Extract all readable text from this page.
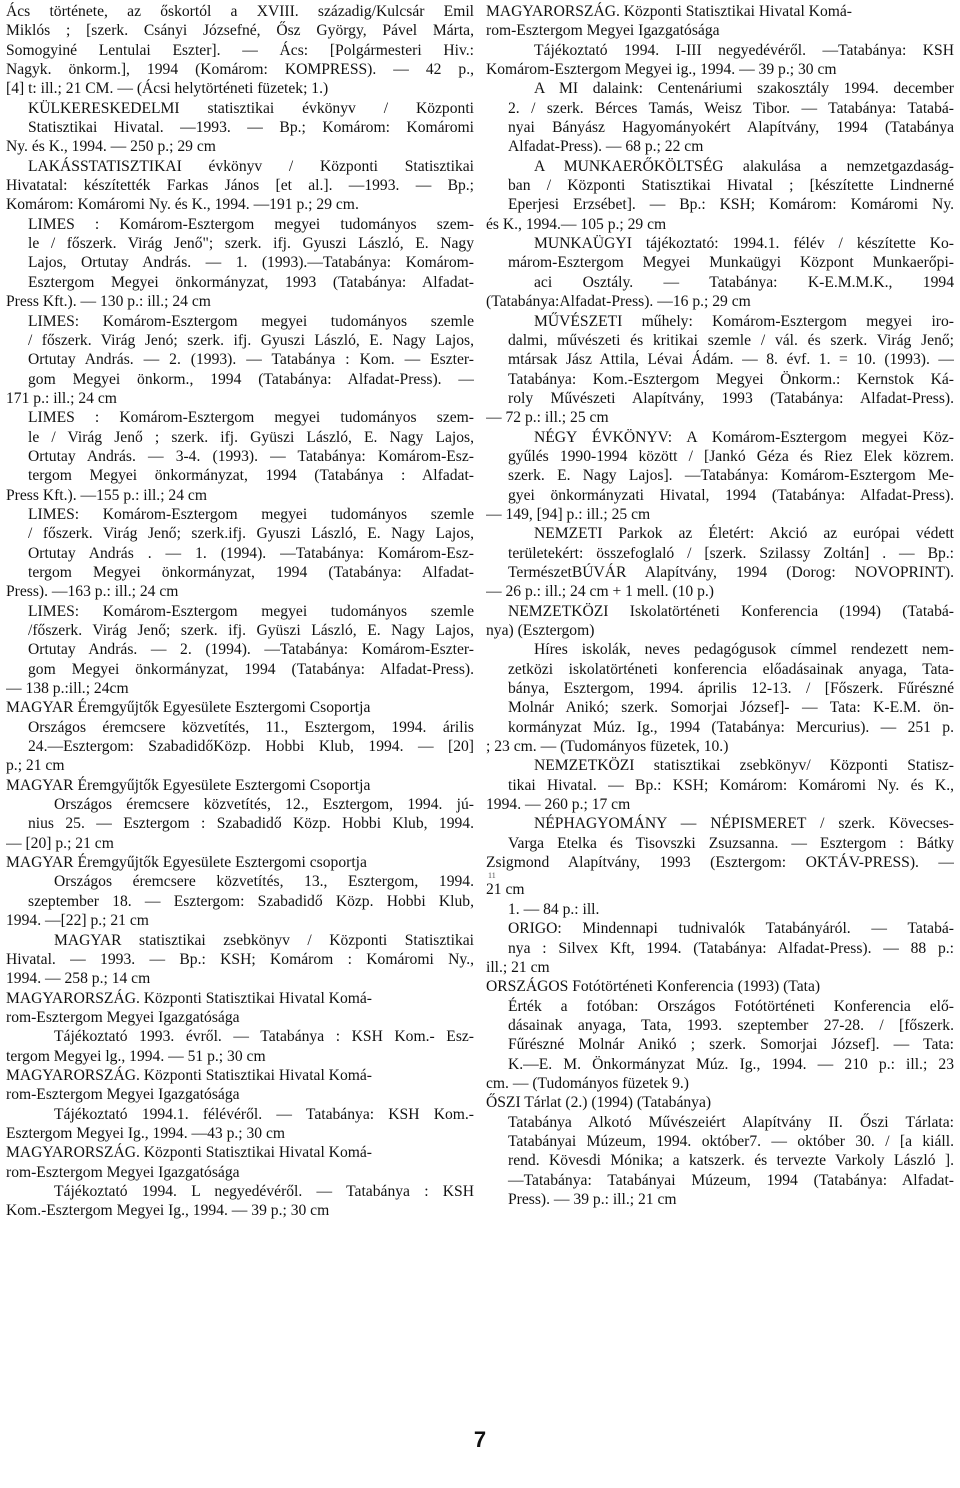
Ács története, az őskortól a XVIII. századig/Kulcsár Emil
Miklós ; [szerk. Csányi Józsefné, Ősz György, Pável Márta,
Somogyiné Lentulai Eszter]. — Ács: [Polgármesteri Hiv.:
Nagyk. önkorm.], 1994 (Komárom: KOMPRESS). — 42 p.,
[4] t: ill.; 21 CM. — (Ácsi helytörténeti füzetek; 1.)
KÜLKERESKEDELMI statisztikai évkönyv / Központi
Statisztikai Hivatal. —1993. — Bp.; Komárom: Komáromi
Ny. és K., 1994. — 250 p.; 29 cm
LAKÁSSTATISZTIKAI évkönyv / Központi Statisztikai
Hivatatal: készítették Farkas János [et al.]. —1993. — Bp.;
Komárom: Komáromi Ny. és K., 1994. —191 p.; 29 cm.
LIMES : Komárom-Esztergom megyei tudományos szem-
le / főszerk. Virág Jenő"; szerk. ifj. Gyuszi László, E. Nagy
Lajos, Ortutay András. — 1. (1993).—Tatabánya: Komárom-
Esztergom Megyei önkormányzat, 1993 (Tatabánya: Alfadat-
Press Kft.). — 130 p.: ill.; 24 cm
LIMES: Komárom-Esztergom megyei tudományos szemle
/ főszerk. Virág Jenó; szerk. ifj. Gyuszi László, E. Nagy Lajos,
Ortutay András. — 2. (1993). — Tatabánya : Kom. — Eszter-
gom Megyei önkorm., 1994 (Tatabánya: Alfadat-Press). —
171 p.: ill.; 24 cm
LIMES : Komárom-Esztergom megyei tudományos szem-
le / Virág Jenő ; szerk. ifj. Gyüszi László, E. Nagy Lajos,
Ortutay András. — 3-4. (1993). — Tatabánya: Komárom-Esz-
tergom Megyei önkormányzat, 1994 (Tatabánya : Alfadat-
Press Kft.). —155 p.: ill.; 24 cm
LIMES: Komárom-Esztergom megyei tudományos szemle
/ főszerk. Virág Jenő; szerk.ifj. Gyuszi László, E. Nagy Lajos,
Ortutay András . — 1. (1994). —Tatabánya: Komárom-Esz-
tergom Megyei önkormányzat, 1994 (Tatabánya: Alfadat-
Press). —163 p.: ill.; 24 cm
LIMES: Komárom-Esztergom megyei tudományos szemle
/főszerk. Virág Jenő; szerk. ifj. Gyüszi László, E. Nagy Lajos,
Ortutay András. — 2. (1994). —Tatabánya: Komárom-Eszter-
gom Megyei önkormányzat, 1994 (Tatabánya: Alfadat-Press).
— 138 p.:ill.; 24cm
MAGYAR Éremgyűjtők Egyesülete Esztergomi Csoportja
Országos éremcsere közvetítés, 11., Esztergom, 1994. árilis
24.—Esztergom: SzabadidőKözp. Hobbi Klub, 1994. — [20]
p.; 21 cm
MAGYAR Éremgyűjtők Egyesülete Esztergomi Csoportja
Országos éremcsere közvetítés, 12., Esztergom, 1994. jú-
nius 25. — Esztergom : Szabadidő Közp. Hobbi Klub, 1994.
— [20] p.; 21 cm
MAGYAR Éremgyűjtők Egyesülete Esztergomi csoportja
Országos éremcsere közvetítés, 13., Esztergom, 1994.
szeptember 18. — Esztergom: Szabadidő Közp. Hobbi Klub,
1994. —[22] p.; 21 cm
MAGYAR statisztikai zsebkönyv / Központi Statisztikai
Hivatal. — 1993. — Bp.: KSH; Komárom : Komáromi Ny.,
1994. — 258 p.; 14 cm
MAGYARORSZÁG. Központi Statisztikai Hivatal Komá-
rom-Esztergom Megyei Igazgatósága
Tájékoztató 1993. évről. — Tatabánya : KSH Kom.- Esz-
tergom Megyei lg., 1994. — 51 p.; 30 cm
MAGYARORSZÁG. Központi Statisztikai Hivatal Komá-
rom-Esztergom Megyei Igazgatósága
Tájékoztató 1994.1. félévéről. — Tatabánya: KSH Kom.-
Esztergom Megyei Ig., 1994. —43 p.; 30 cm
MAGYARORSZÁG. Központi Statisztikai Hivatal Komá-
rom-Esztergom Megyei Igazgatósága
Tájékoztató 1994. L negyedévéről. — Tatabánya : KSH
Kom.-Esztergom Megyei Ig., 1994. — 39 p.; 30 cm
MAGYARORSZÁG. Központi Statisztikai Hivatal Komá-
rom-Esztergom Megyei Igazgatósága
Tájékoztató 1994. I-III negyedévéről. —Tatabánya: KSH
Komárom-Esztergom Megyei ig., 1994. — 39 p.; 30 cm
A MI dalaink: Centenáriumi szakosztály 1994. december
2. / szerk. Bérces Tamás, Weisz Tibor. — Tatabánya: Tatabá-
nyai Bányász Hagyományokért Alapítvány, 1994 (Tatabánya
Alfadat-Press). — 68 p.; 22 cm
A MUNKAERŐKÖLTSÉG alakulása a nemzetgazdaság-
ban / Központi Statisztikai Hivatal ; [készítette Lindnerné
Eperjesi Erzsébet]. — Bp.: KSH; Komárom: Komáromi Ny.
és K., 1994.— 105 p.; 29 cm
MUNKAÜGYI tájékoztató: 1994.1. félév / készítette Ko-
márom-Esztergom Megyei Munkaügyi Központ Munkaerőpi-
aci Osztály. — Tatabánya: K-E.M.M.K., 1994
(Tatabánya:Alfadat-Press). —16 p.; 29 cm
MŰVÉSZETI műhely: Komárom-Esztergom megyei iro-
dalmi, művészeti és kritikai szemle / vál. és szerk. Virág Jenő;
mtársak Jász Attila, Lévai Ádám. — 8. évf. 1. = 10. (1993). —
Tatabánya: Kom.-Esztergom Megyei Önkorm.: Kernstok Ká-
roly Művészeti Alapítvány, 1993 (Tatabánya: Alfadat-Press).
— 72 p.: ill.; 25 cm
NÉGY ÉVKÖNYV: A Komárom-Esztergom megyei Köz-
gyűlés 1990-1994 között / [Jankó Géza és Riez Elek közrem.
szerk. E. Nagy Lajos]. —Tatabánya: Komárom-Esztergom Me-
gyei önkormányzati Hivatal, 1994 (Tatabánya: Alfadat-Press).
— 149, [94] p.: ill.; 25 cm
NEMZETI Parkok az Életért: Akció az európai védett
területekért: összefoglaló / [szerk. Szilassy Zoltán] . — Bp.:
TermészetBÚVÁR Alapítvány, 1994 (Dorog: NOVOPRINT).
— 26 p.: ill.; 24 cm + 1 mell. (10 p.)
NEMZETKÖZI Iskolatörténeti Konferencia (1994) (Tatabá-
nya) (Esztergom)
Híres iskolák, neves pedagógusok címmel rendezett nem-
zetközi iskolatörténeti konferencia előadásainak anyaga, Tata-
bánya, Esztergom, 1994. április 12-13. / [Főszerk. Fűrészné
Molnár Anikó; szerk. Somorjai József]- — Tata: K-E.M. ön-
kormányzat Múz. Ig., 1994 (Tatabánya: Mercurius). — 251 p.
; 23 cm. — (Tudományos füzetek, 10.)
NEMZETKÖZI statisztikai zsebkönyv/ Központi Statisz-
tikai Hivatal. — Bp.: KSH; Komárom: Komáromi Ny. és K.,
1994. — 260 p.; 17 cm
NÉPHAGYOMÁNY — NÉPISMERET / szerk. Kövecses-
Varga Etelka és Tisovszki Zsuzsanna. — Esztergom : Bátky
Zsigmond Alapítvány, 1993 (Esztergom: OKTÁV-PRESS). —
11
21 cm
1. — 84 p.: ill.
ORIGO: Mindennapi tudnivalók Tatabányáról. — Tatabá-
nya : Silvex Kft, 1994. (Tatabánya: Alfadat-Press). — 88 p.:
ill.; 21 cm
ORSZÁGOS Fotótörténeti Konferencia (1993) (Tata)
Érték a fotóban: Országos Fotótörténeti Konferencia elő-
dásainak anyaga, Tata, 1993. szeptember 27-28. / [főszerk.
Fűrészné Molnár Anikó ; szerk. Somorjai József]. — Tata:
K.—E. M. Önkormányzat Múz. Ig., 1994. — 210 p.: ill.; 23
cm. — (Tudományos füzetek 9.)
ŐSZI Tárlat (2.) (1994) (Tatabánya)
Tatabánya Alkotó Művészeiért Alapítvány II. Őszi Tárlata:
Tatabányai Múzeum, 1994. október7. — október 30. / [a kiáll.
rend. Kövesdi Mónika; a katszerk. és tervezte Varkoly László ].
—Tatabánya: Tatabányai Múzeum, 1994 (Tatabánya: Alfadat-
Press). — 39 p.: ill.; 21 cm
7
